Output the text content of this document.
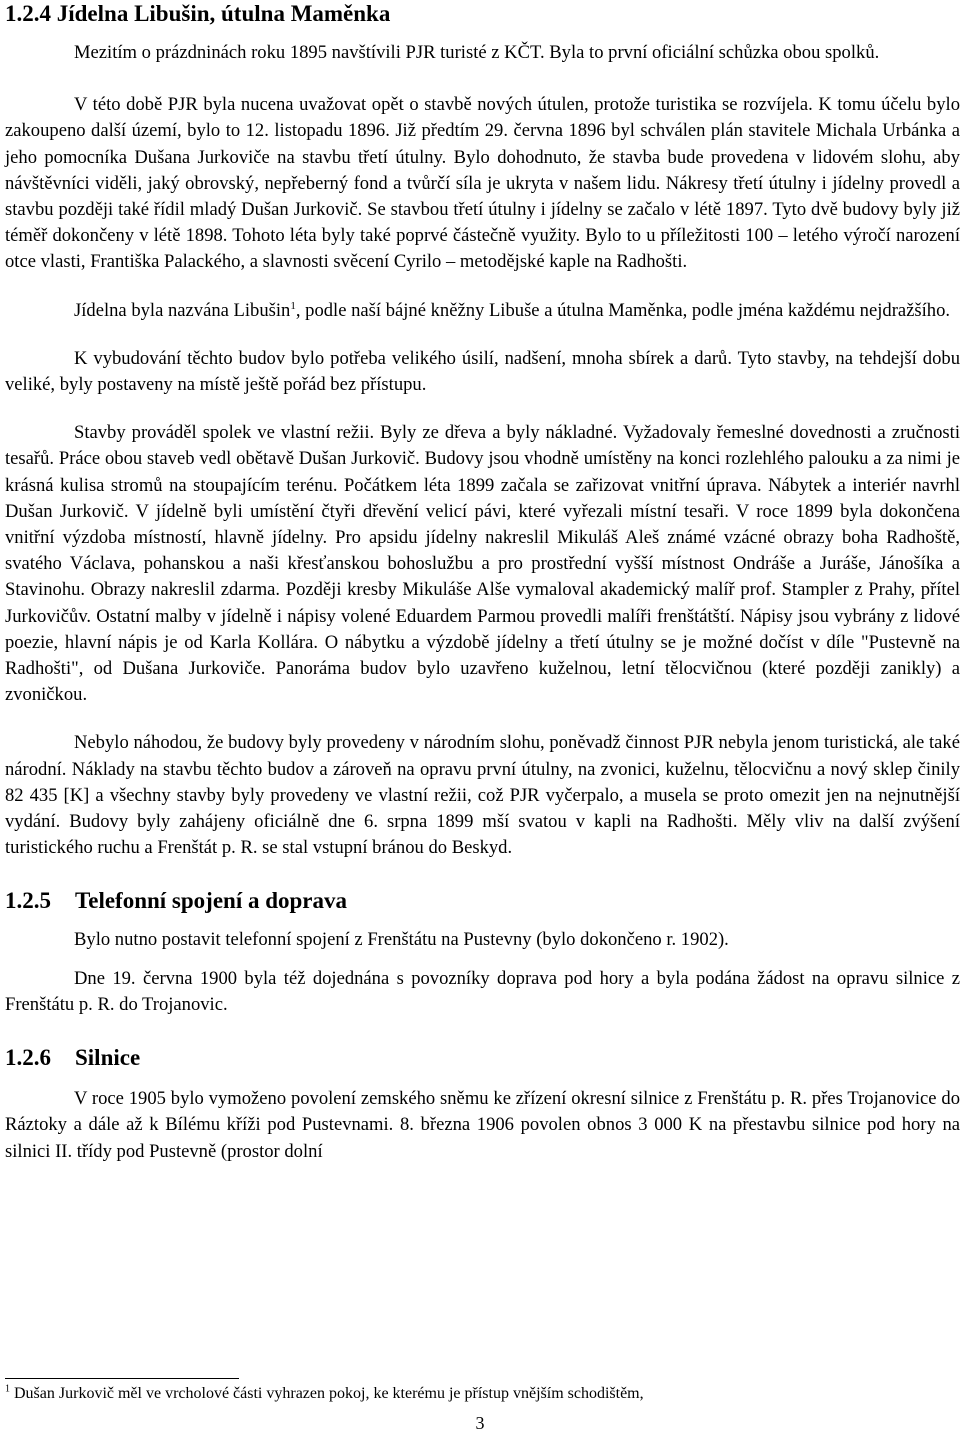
1.2.4 Jídelna Libušin, útulna Maměnka

Mezitím o prázdninách roku 1895 navštívili PJR turisté z KČT. Byla to první oficiální schůzka obou spolků.

V této době PJR byla nucena uvažovat opět o stavbě nových útulen, protože turistika se rozvíjela. K tomu účelu bylo zakoupeno další území, bylo to 12. listopadu 1896. Již předtím 29. června 1896 byl schválen plán stavitele Michala Urbánka a jeho pomocníka Dušana Jurkoviče na stavbu třetí útulny. Bylo dohodnuto, že stavba bude provedena v lidovém slohu, aby návštěvníci viděli, jaký obrovský, nepřeberný fond a tvůrčí síla je ukryta v našem lidu. Nákresy třetí útulny i jídelny provedl a stavbu později také řídil mladý Dušan Jurkovič. Se stavbou třetí útulny i jídelny se začalo v létě 1897. Tyto dvě budovy byly již téměř dokončeny v létě 1898. Tohoto léta byly také poprvé částečně využity. Bylo to u příležitosti 100 – letého výročí narození otce vlasti, Františka Palackého, a slavnosti svěcení Cyrilo – metodějské kaple na Radhošti.

Jídelna byla nazvána Libušin$^1$, podle naší bájné kněžny Libuše a útulna Maměnka, podle jména každému nejdražšího.

K vybudování těchto budov bylo potřeba velikého úsilí, nadšení, mnoha sbírek a darů. Tyto stavby, na tehdejší dobu veliké, byly postaveny na místě ještě pořád bez přístupu.

Stavby prováděl spolek ve vlastní režii. Byly ze dřeva a byly nákladné. Vyžadovaly řemeslné dovednosti a zručnosti tesařů. Práce obou staveb vedl obětavě Dušan Jurkovič. Budovy jsou vhodně umístěny na konci rozlehlého palouku a za nimi je krásná kulisa stromů na stoupajícím terénu. Počátkem léta 1899 začala se zařizovat vnitřní úprava. Nábytek a interiér navrhl Dušan Jurkovič. V jídelně byli umístění čtyři dřevění velicí pávi, které vyřezali místní tesaři. V roce 1899 byla dokončena vnitřní výzdoba místností, hlavně jídelny. Pro apsidu jídelny nakreslil Mikuláš Aleš známé vzácné obrazy boha Radhoště, svatého Václava, pohanskou a naši křesťanskou bohoslužbu a pro prostřední vyšší místnost Ondráše a Juráše, Jánošíka a Stavinohu. Obrazy nakreslil zdarma. Později kresby Mikuláše Alše vymaloval akademický malíř prof. Stampler z Prahy, přítel Jurkovičův. Ostatní malby v jídelně i nápisy volené Eduardem Parmou provedli malíři frenštátští. Nápisy jsou vybrány z lidové poezie, hlavní nápis je od Karla Kollára. O nábytku a výzdobě jídelny a třetí útulny se je možné dočíst v díle "Pustevně na Radhošti", od Dušana Jurkoviče. Panoráma budov bylo uzavřeno kuželnou, letní tělocvičnou (které později zanikly) a zvoničkou.

Nebylo náhodou, že budovy byly provedeny v národním slohu, poněvadž činnost PJR nebyla jenom turistická, ale také národní. Náklady na stavbu těchto budov a zároveň na opravu první útulny, na zvonici, kuželnu, tělocvičnu a nový sklep činily 82 435 [K] a všechny stavby byly provedeny ve vlastní režii, což PJR vyčerpalo, a musela se proto omezit jen na nejnutnější vydání. Budovy byly zahájeny oficiálně dne 6. srpna 1899 mší svatou v kapli na Radhošti. Měly vliv na další zvýšení turistického ruchu a Frenštát p. R. se stal vstupní bránou do Beskyd.

1.2.5 Telefonní spojení a doprava

Bylo nutno postavit telefonní spojení z Frenštátu na Pustevny (bylo dokončeno r. 1902).

Dne 19. června 1900 byla též dojednána s povozníky doprava pod hory a byla podána žádost na opravu silnice z Frenštátu p. R. do Trojanovic.

1.2.6 Silnice

V roce 1905 bylo vymoženo povolení zemského sněmu ke zřízení okresní silnice z Frenštátu p. R. přes Trojanovice do Ráztoky a dále až k Bílému kříži pod Pustevnami. 8. března 1906 povolen obnos 3 000 K na přestavbu silnice pod hory na silnici II. třídy pod Pustevně (prostor dolní

$^1$ Dušan Jurkovič měl ve vrcholové části vyhrazen pokoj, ke kterému je přístup vnějším schodištěm,
3
